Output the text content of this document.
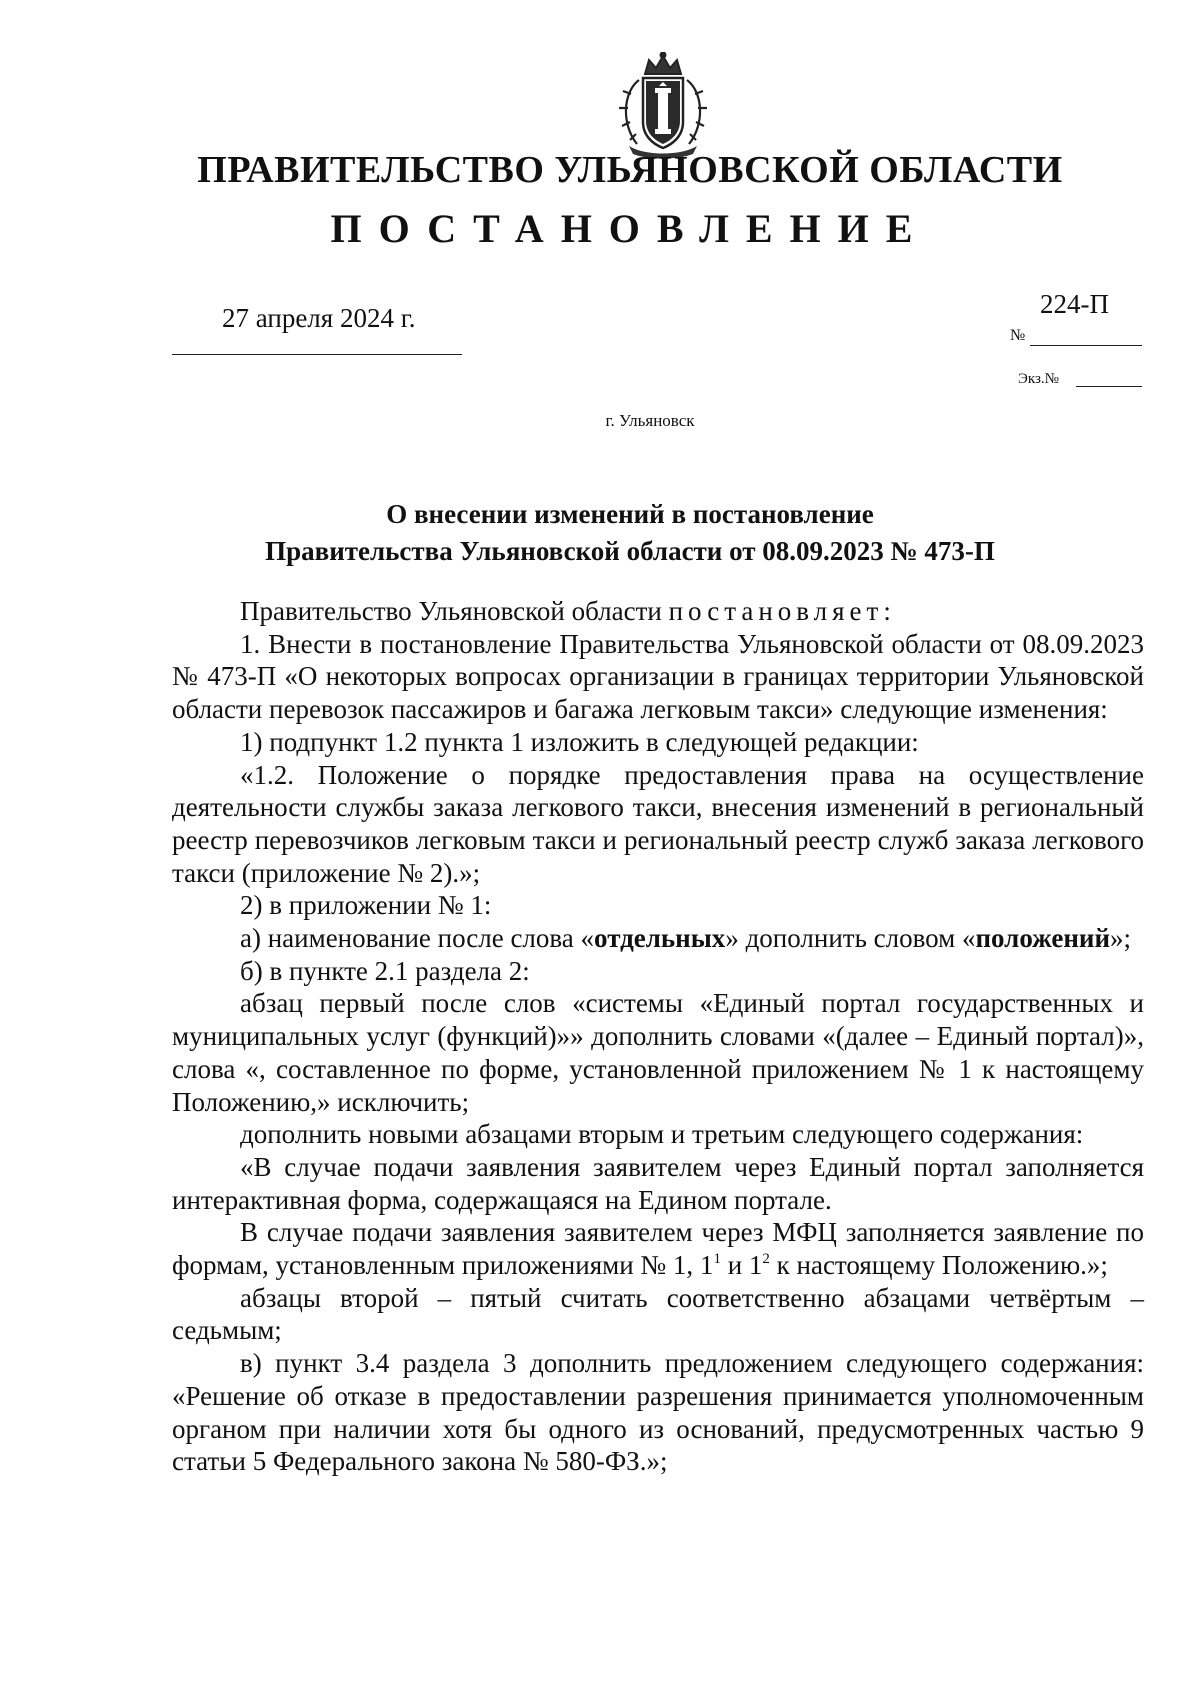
ПРАВИТЕЛЬСТВО УЛЬЯНОВСКОЙ ОБЛАСТИ
ПОСТАНОВЛЕНИЕ
27 апреля 2024 г.	224-П
№
Экз.№
г. Ульяновск
О внесении изменений в постановление
Правительства Ульяновской области от 08.09.2023 № 473-П

Правительство Ульяновской области постановляет:

1. Внести в постановление Правительства Ульяновской области от 08.09.2023 № 473-П «О некоторых вопросах организации в границах территории Ульяновской области перевозок пассажиров и багажа легковым такси» следующие изменения:

1) подпункт 1.2 пункта 1 изложить в следующей редакции:

«1.2. Положение о порядке предоставления права на осуществление деятельности службы заказа легкового такси, внесения изменений в региональный реестр перевозчиков легковым такси и региональный реестр служб заказа легкового такси (приложение № 2).»;

2) в приложении № 1:

а) наименование после слова «отдельных» дополнить словом «положений»;

б) в пункте 2.1 раздела 2:

абзац первый после слов «системы «Единый портал государственных и муниципальных услуг (функций)»» дополнить словами «(далее – Единый портал)», слова «, составленное по форме, установленной приложением № 1 к настоящему Положению,» исключить;

дополнить новыми абзацами вторым и третьим следующего содержания:

«В случае подачи заявления заявителем через Единый портал заполняется интерактивная форма, содержащаяся на Едином портале.

В случае подачи заявления заявителем через МФЦ заполняется заявление по формам, установленным приложениями № 1, $1^1$ и $1^2$ к настоящему Положению.»;

абзацы второй – пятый считать соответственно абзацами четвёртым – седьмым;

в) пункт 3.4 раздела 3 дополнить предложением следующего содержания: «Решение об отказе в предоставлении разрешения принимается уполномоченным органом при наличии хотя бы одного из оснований, предусмотренных частью 9 статьи 5 Федерального закона № 580-ФЗ.»;
